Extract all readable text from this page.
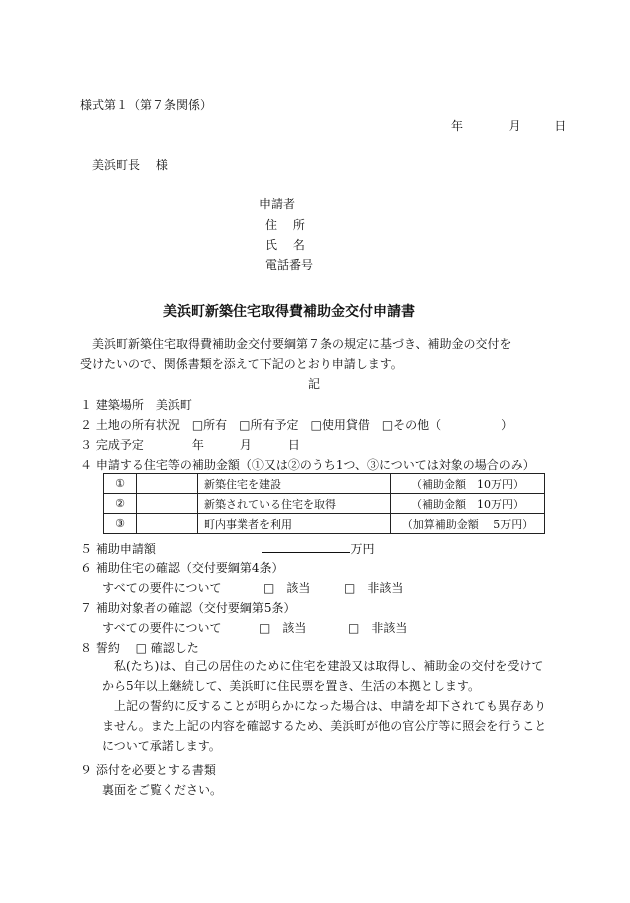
様式第１（第７条関係）
年	月	日
美浜町長　 様
申請者
住　 所
氏　 名
電話番号
美浜町新築住宅取得費補助金交付申請書
美浜町新築住宅取得費補助金交付要綱第７条の規定に基づき、補助金の交付を
受けたいので、関係書類を添えて下記のとおり申請します。
記
１ 建築場所　美浜町
２ 土地の所有状況　□所有　□所有予定　□使用貸借　□その他（　　　　　）
３ 完成予定　　　　年　　　月　　　日
４ 申請する住宅等の補助金額（①又は②のうち1つ、③については対象の場合のみ）
①		新築住宅を建設	（補助金額　10万円）
②		新築されている住宅を取得	（補助金額　10万円）
③		町内事業者を利用	（加算補助金額　 5万円）
５ 補助申請額	万円
６ 補助住宅の確認（交付要綱第4条）
すべての要件について	□　該当	□　非該当
７ 補助対象者の確認（交付要綱第5条）
すべての要件について	□　該当	□　非該当
８ 誓約　 □ 確認した
私(たち)は、自己の居住のために住宅を建設又は取得し、補助金の交付を受けてから5年以上継続して、美浜町に住民票を置き、生活の本拠とします。
上記の誓約に反することが明らかになった場合は、申請を却下されても異存ありません。また上記の内容を確認するため、美浜町が他の官公庁等に照会を行うことについて承諾します。
９ 添付を必要とする書類
裏面をご覧ください。
